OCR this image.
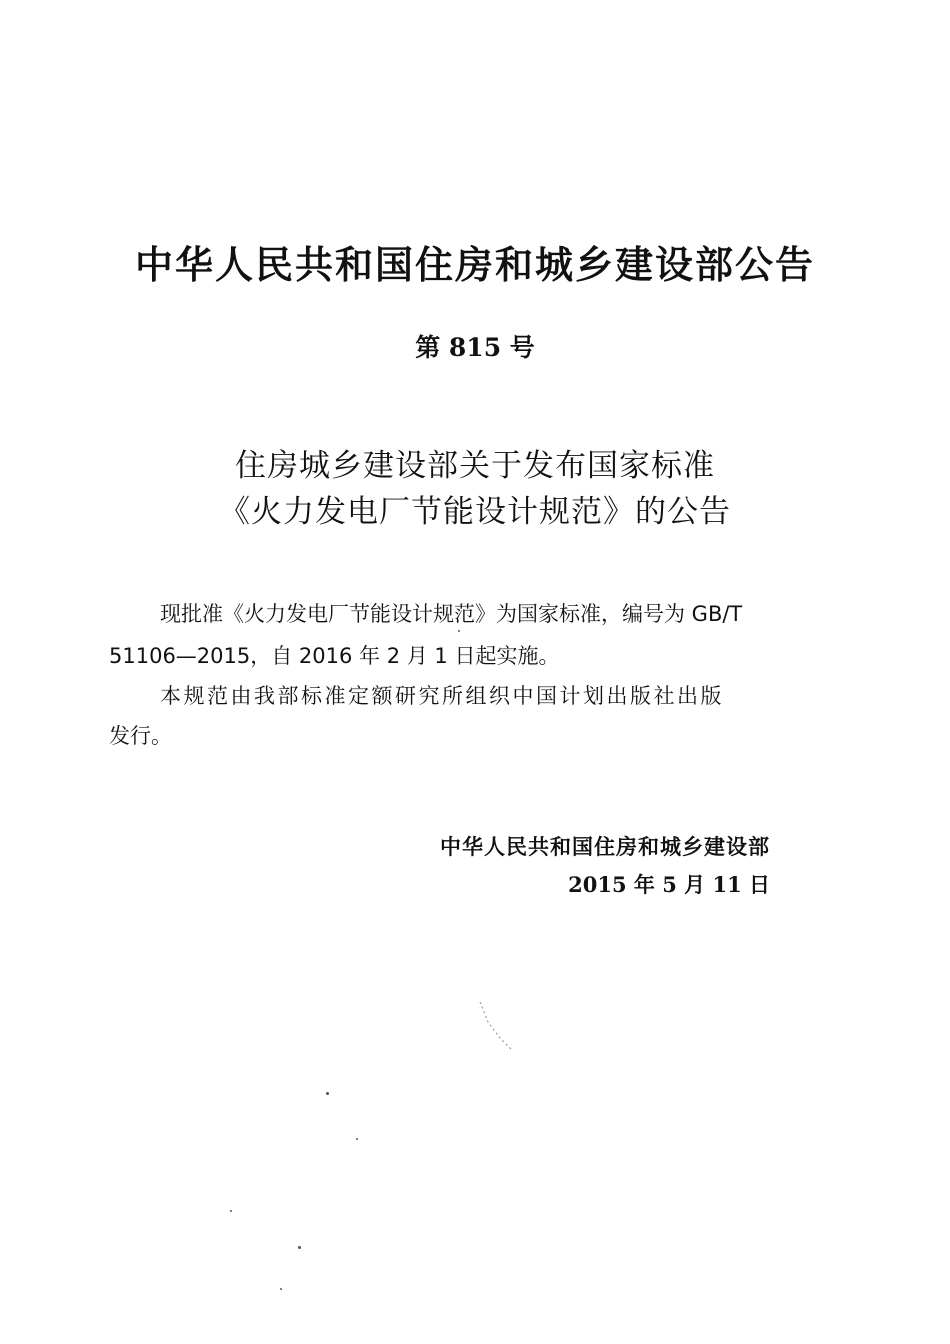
中华人民共和国住房和城乡建设部公告
第 815 号
住房城乡建设部关于发布国家标准
《火力发电厂节能设计规范》的公告
现批准《火力发电厂节能设计规范》为国家标准，编号为 GB/T
51106—2015，自 2016 年 2 月 1 日起实施。
本规范由我部标准定额研究所组织中国计划出版社出版
发行。
中华人民共和国住房和城乡建设部
2015 年 5 月 11 日
